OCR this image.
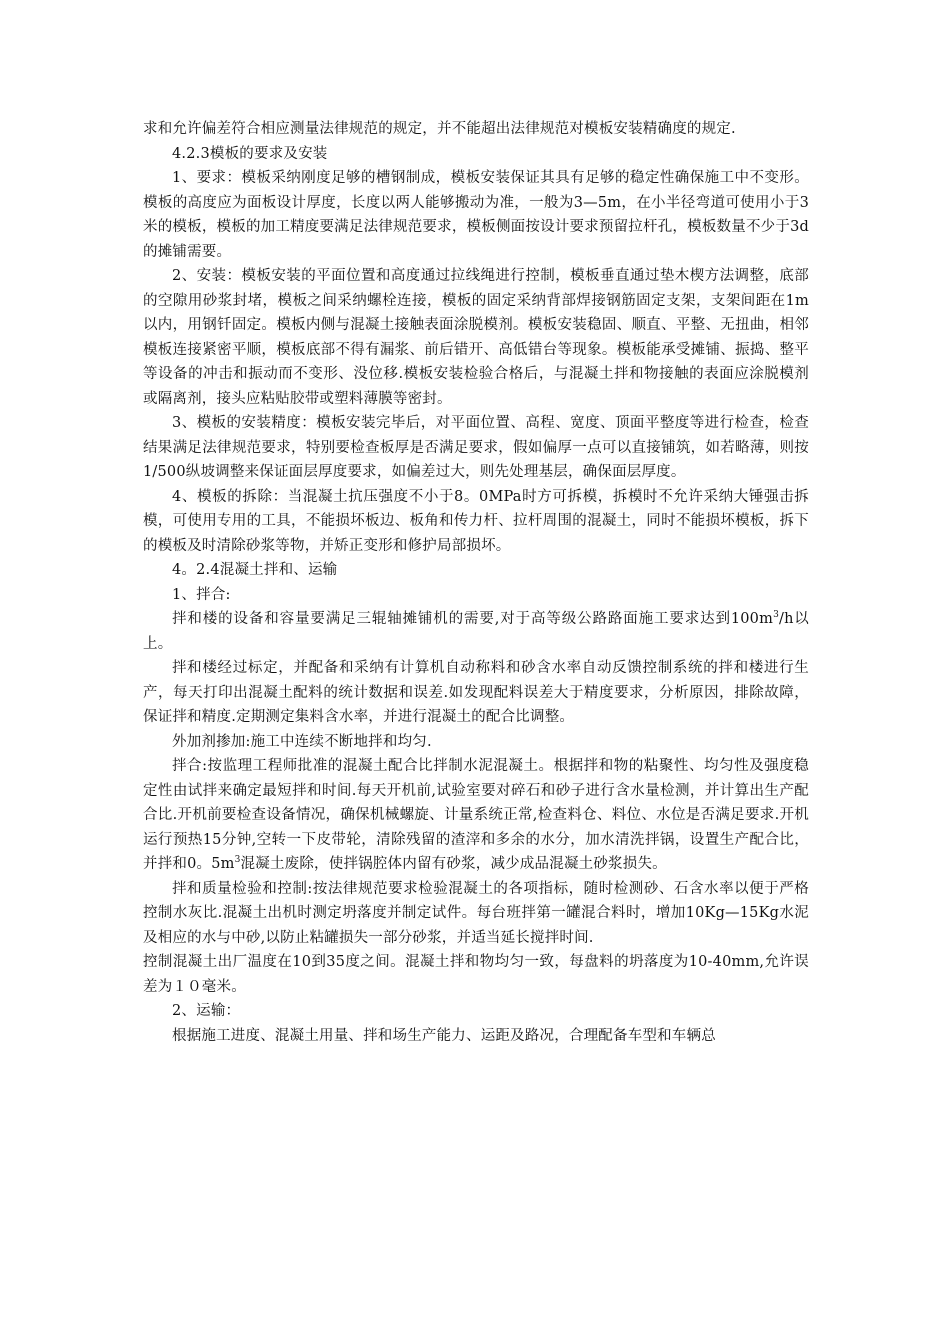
求和允许偏差符合相应测量法律规范的规定，并不能超出法律规范对模板安装精确度的规定.

4.2.3模板的要求及安装

1、要求：模板采纳刚度足够的槽钢制成，模板安装保证其具有足够的稳定性确保施工中不变形。模板的高度应为面板设计厚度，长度以两人能够搬动为准，一般为3—5m，在小半径弯道可使用小于3米的模板，模板的加工精度要满足法律规范要求，模板侧面按设计要求预留拉杆孔，模板数量不少于3d的摊铺需要。

2、安装：模板安装的平面位置和高度通过拉线绳进行控制，模板垂直通过垫木楔方法调整，底部的空隙用砂浆封堵，模板之间采纳螺栓连接，模板的固定采纳背部焊接钢筋固定支架，支架间距在1m以内，用钢钎固定。模板内侧与混凝土接触表面涂脱模剂。模板安装稳固、顺直、平整、无扭曲，相邻模板连接紧密平顺，模板底部不得有漏浆、前后错开、高低错台等现象。模板能承受摊铺、振捣、整平等设备的冲击和振动而不变形、没位移.模板安装检验合格后，与混凝土拌和物接触的表面应涂脱模剂或隔离剂，接头应粘贴胶带或塑料薄膜等密封。

3、模板的安装精度：模板安装完毕后，对平面位置、高程、宽度、顶面平整度等进行检查，检查结果满足法律规范要求，特别要检查板厚是否满足要求，假如偏厚一点可以直接铺筑，如若略薄，则按1/500纵坡调整来保证面层厚度要求，如偏差过大，则先处理基层，确保面层厚度。

4、模板的拆除：当混凝土抗压强度不小于8。0MPa时方可拆模，拆模时不允许采纳大锤强击拆模，可使用专用的工具，不能损坏板边、板角和传力杆、拉杆周围的混凝土，同时不能损坏模板，拆下的模板及时清除砂浆等物，并矫正变形和修护局部损坏。

4。2.4混凝土拌和、运输

1、拌合:

拌和楼的设备和容量要满足三辊轴摊铺机的需要,对于高等级公路路面施工要求达到$100m^3/h$以上。

拌和楼经过标定，并配备和采纳有计算机自动称料和砂含水率自动反馈控制系统的拌和楼进行生产，每天打印出混凝土配料的统计数据和误差.如发现配料误差大于精度要求，分析原因，排除故障，保证拌和精度.定期测定集料含水率，并进行混凝土的配合比调整。

外加剂掺加:施工中连续不断地拌和均匀.

拌合:按监理工程师批准的混凝土配合比拌制水泥混凝土。根据拌和物的粘聚性、均匀性及强度稳定性由试拌来确定最短拌和时间.每天开机前,试验室要对碎石和砂子进行含水量检测，并计算出生产配合比.开机前要检查设备情况，确保机械螺旋、计量系统正常,检查料仓、料位、水位是否满足要求.开机运行预热15分钟,空转一下皮带轮，清除残留的渣滓和多余的水分，加水清洗拌锅，设置生产配合比，并拌和0。$5m^3$混凝土废除，使拌锅腔体内留有砂浆，减少成品混凝土砂浆损失。

拌和质量检验和控制:按法律规范要求检验混凝土的各项指标，随时检测砂、石含水率以便于严格控制水灰比.混凝土出机时测定坍落度并制定试件。每台班拌第一罐混合料时，增加10Kg—15Kg水泥及相应的水与中砂,以防止粘罐损失一部分砂浆，并适当延长搅拌时间.

控制混凝土出厂温度在10到35度之间。混凝土拌和物均匀一致，每盘料的坍落度为10-40mm,允许误差为１０毫米。

2、运输：

根据施工进度、混凝土用量、拌和场生产能力、运距及路况，合理配备车型和车辆总
